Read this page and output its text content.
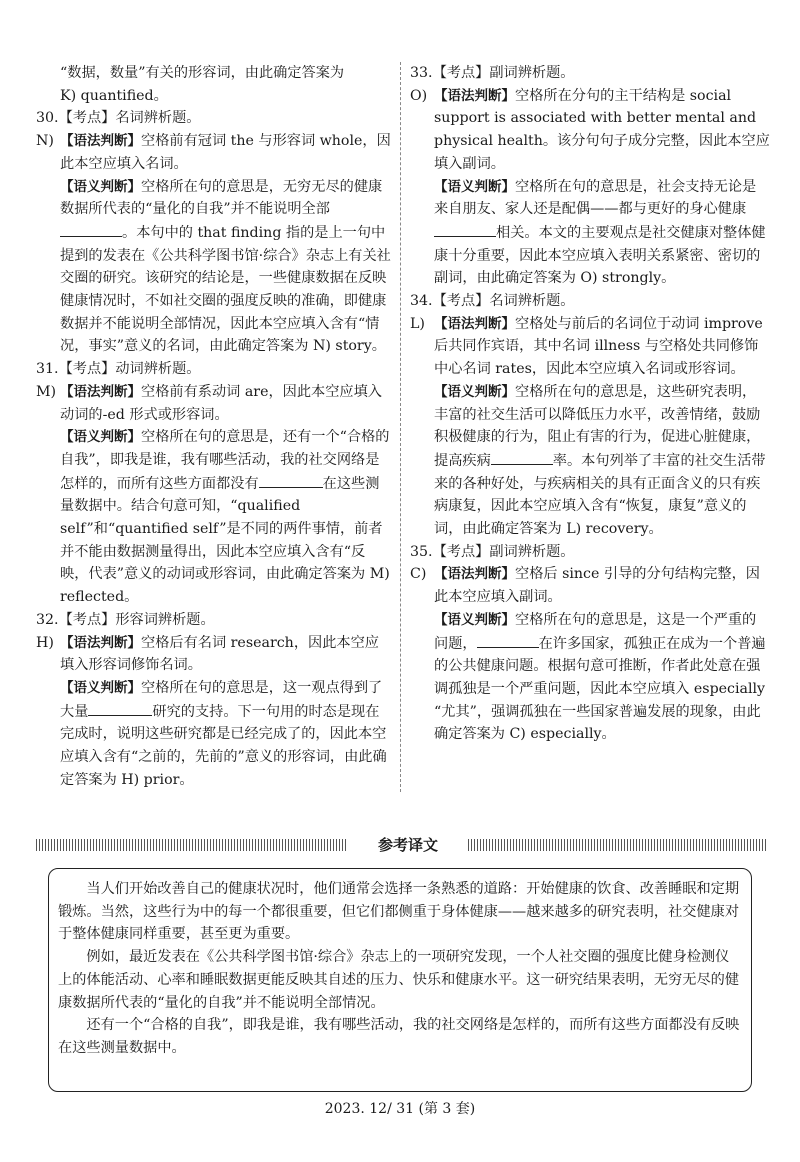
“数据，数量”有关的形容词，由此确定答案为
K) quantified。
30.【考点】名词辨析题。
N) 【语法判断】空格前有冠词 the 与形容词 whole，因此本空应填入名词。
【语义判断】空格所在句的意思是，无穷无尽的健康数据所代表的“量化的自我”并不能说明全部。本句中的 that finding 指的是上一句中提到的发表在《公共科学图书馆·综合》杂志上有关社交圈的研究。该研究的结论是，一些健康数据在反映健康情况时，不如社交圈的强度反映的准确，即健康数据并不能说明全部情况，因此本空应填入含有“情况，事实”意义的名词，由此确定答案为 N) story。
31.【考点】动词辨析题。
M) 【语法判断】空格前有系动词 are，因此本空应填入动词的-ed 形式或形容词。
【语义判断】空格所在句的意思是，还有一个“合格的自我”，即我是谁，我有哪些活动，我的社交网络是怎样的，而所有这些方面都没有	在这些测量数据中。结合句意可知，“qualified self”和“quantified self”是不同的两件事情，前者并不能由数据测量得出，因此本空应填入含有“反映，代表”意义的动词或形容词，由此确定答案为 M) reflected。
32.【考点】形容词辨析题。
H) 【语法判断】空格后有名词 research，因此本空应填入形容词修饰名词。
【语义判断】空格所在句的意思是，这一观点得到了大量	研究的支持。下一句用的时态是现在完成时，说明这些研究都是已经完成了的，因此本空应填入含有“之前的，先前的”意义的形容词，由此确定答案为 H) prior。
33.【考点】副词辨析题。
O) 【语法判断】空格所在分句的主干结构是 social support is associated with better mental and physical health。该分句句子成分完整，因此本空应填入副词。
【语义判断】空格所在句的意思是，社会支持无论是来自朋友、家人还是配偶——都与更好的身心健康相关。本文的主要观点是社交健康对整体健康十分重要，因此本空应填入表明关系紧密、密切的副词，由此确定答案为 O) strongly。
34.【考点】名词辨析题。
L) 【语法判断】空格处与前后的名词位于动词 improve 后共同作宾语，其中名词 illness 与空格处共同修饰中心名词 rates，因此本空应填入名词或形容词。
【语义判断】空格所在句的意思是，这些研究表明，丰富的社交生活可以降低压力水平，改善情绪，鼓励积极健康的行为，阻止有害的行为，促进心脏健康，提高疾病	率。本句列举了丰富的社交生活带来的各种好处，与疾病相关的具有正面含义的只有疾病康复，因此本空应填入含有“恢复，康复”意义的词，由此确定答案为 L) recovery。
35.【考点】副词辨析题。
C) 【语法判断】空格后 since 引导的分句结构完整，因此本空应填入副词。
【语义判断】空格所在句的意思是，这是一个严重的问题，	在许多国家，孤独正在成为一个普遍的公共健康问题。根据句意可推断，作者此处意在强调孤独是一个严重问题，因此本空应填入 especially “尤其”，强调孤独在一些国家普遍发展的现象，由此确定答案为 C) especially。
参考译文

当人们开始改善自己的健康状况时，他们通常会选择一条熟悉的道路：开始健康的饮食、改善睡眠和定期锻炼。当然，这些行为中的每一个都很重要，但它们都侧重于身体健康——越来越多的研究表明，社交健康对于整体健康同样重要，甚至更为重要。

例如，最近发表在《公共科学图书馆·综合》杂志上的一项研究发现，一个人社交圈的强度比健身检测仪上的体能活动、心率和睡眠数据更能反映其自述的压力、快乐和健康水平。这一研究结果表明，无穷无尽的健康数据所代表的“量化的自我”并不能说明全部情况。

还有一个“合格的自我”，即我是谁，我有哪些活动，我的社交网络是怎样的，而所有这些方面都没有反映在这些测量数据中。

2023. 12/ 31 (第 3 套)
